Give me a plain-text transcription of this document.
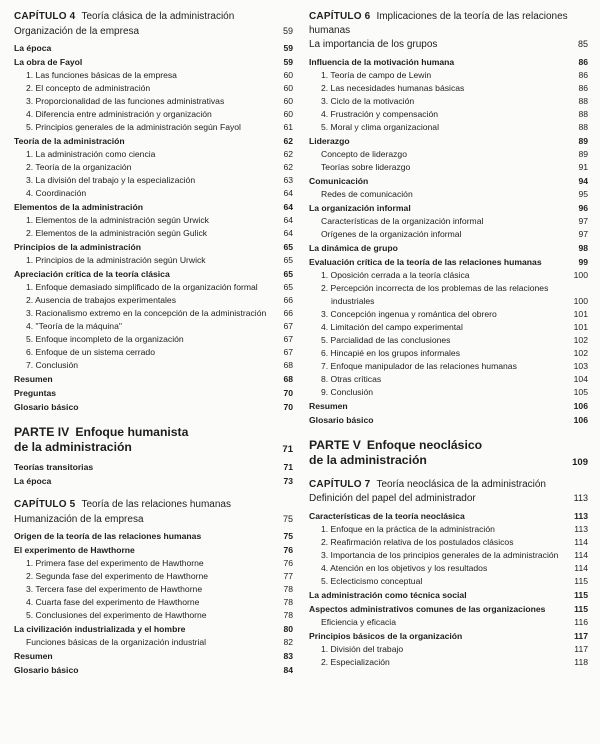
CAPÍTULO 4 Teoría clásica de la administración
Organización de la empresa	59
La época	59
La obra de Fayol	59
1. Las funciones básicas de la empresa	60
2. El concepto de administración	60
3. Proporcionalidad de las funciones administrativas	60
4. Diferencia entre administración y organización	60
5. Principios generales de la administración según Fayol	61
Teoría de la administración	62
1. La administración como ciencia	62
2. Teoría de la organización	62
3. La división del trabajo y la especialización	63
4. Coordinación	64
Elementos de la administración	64
1. Elementos de la administración según Urwick	64
2. Elementos de la administración según Gulick	64
Principios de la administración	65
1. Principios de la administración según Urwick	65
Apreciación crítica de la teoría clásica	65
1. Enfoque demasiado simplificado de la organización formal	65
2. Ausencia de trabajos experimentales	66
3. Racionalismo extremo en la concepción de la administración	66
4. "Teoría de la máquina"	67
5. Enfoque incompleto de la organización	67
6. Enfoque de un sistema cerrado	67
7. Conclusión	68
Resumen	68
Preguntas	70
Glosario básico	70
PARTE IV Enfoque humanista de la administración	71
Teorías transitorias	71
La época	73
CAPÍTULO 5 Teoría de las relaciones humanas
Humanización de la empresa	75
Origen de la teoría de las relaciones humanas	75
El experimento de Hawthorne	76
1. Primera fase del experimento de Hawthorne	76
2. Segunda fase del experimento de Hawthorne	77
3. Tercera fase del experimento de Hawthorne	78
4. Cuarta fase del experimento de Hawthorne	78
5. Conclusiones del experimento de Hawthorne	78
La civilización industrializada y el hombre	80
Funciones básicas de la organización industrial	82
Resumen	83
Glosario básico	84
CAPÍTULO 6 Implicaciones de la teoría de las relaciones humanas
La importancia de los grupos	85
Influencia de la motivación humana	86
1. Teoría de campo de Lewin	86
2. Las necesidades humanas básicas	86
3. Ciclo de la motivación	88
4. Frustración y compensación	88
5. Moral y clima organizacional	88
Liderazgo	89
Concepto de liderazgo	89
Teorías sobre liderazgo	91
Comunicación	94
Redes de comunicación	95
La organización informal	96
Características de la organización informal	97
Orígenes de la organización informal	97
La dinámica de grupo	98
Evaluación crítica de la teoría de las relaciones humanas	99
1. Oposición cerrada a la teoría clásica	100
2. Percepción incorrecta de los problemas de las relaciones industriales	100
3. Concepción ingenua y romántica del obrero	101
4. Limitación del campo experimental	101
5. Parcialidad de las conclusiones	102
6. Hincapié en los grupos informales	102
7. Enfoque manipulador de las relaciones humanas	103
8. Otras críticas	104
9. Conclusión	105
Resumen	106
Glosario básico	106
PARTE V Enfoque neoclásico de la administración	109
CAPÍTULO 7 Teoría neoclásica de la administración
Definición del papel del administrador	113
Características de la teoría neoclásica	113
1. Enfoque en la práctica de la administración	113
2. Reafirmación relativa de los postulados clásicos	114
3. Importancia de los principios generales de la administración	114
4. Atención en los objetivos y los resultados	114
5. Eclecticismo conceptual	115
La administración como técnica social	115
Aspectos administrativos comunes de las organizaciones	115
Eficiencia y eficacia	116
Principios básicos de la organización	117
1. División del trabajo	117
2. Especialización	118
